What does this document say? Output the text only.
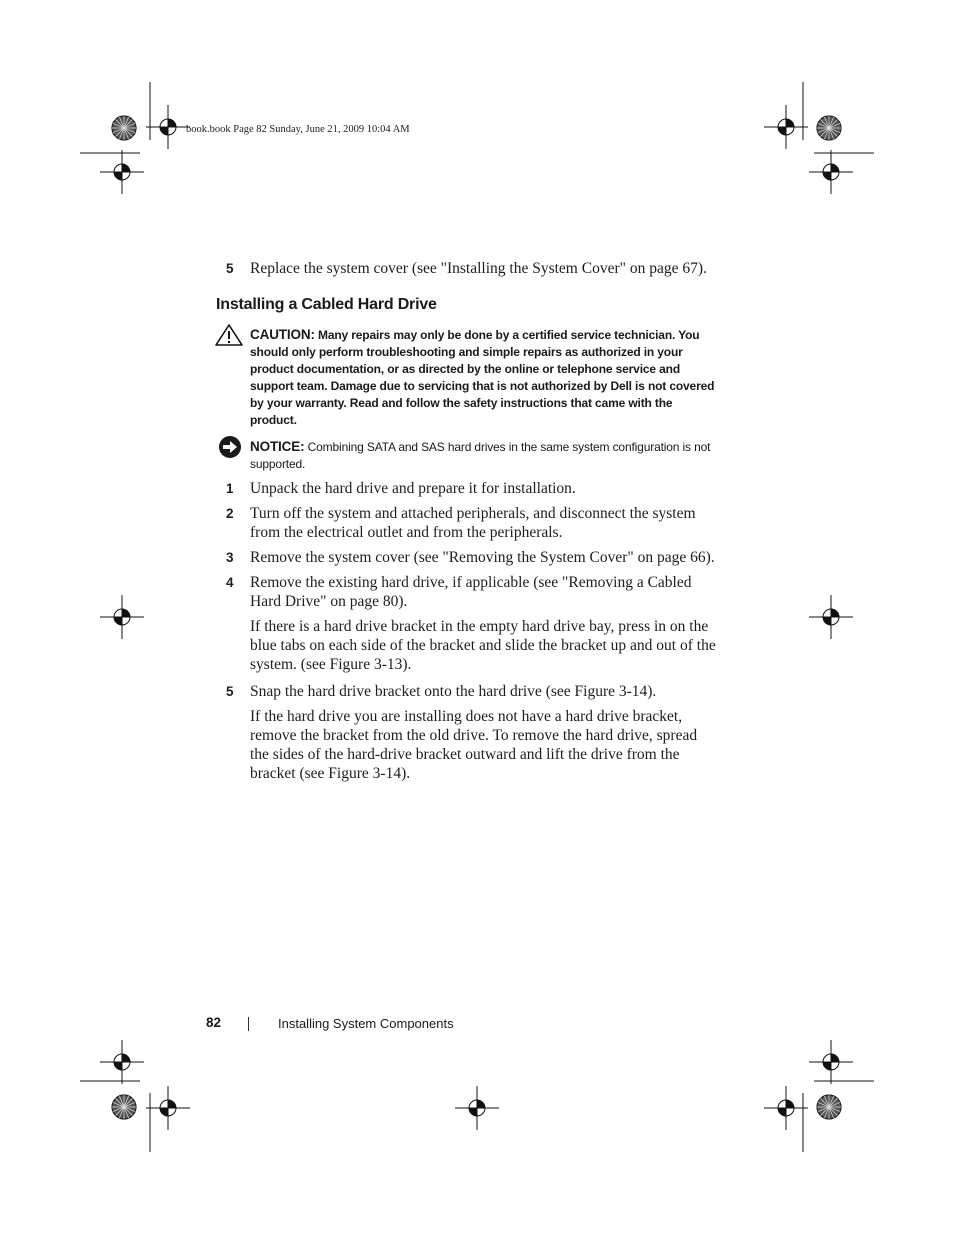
book.book Page 82 Sunday, June 21, 2009 10:04 AM
5	Replace the system cover (see "Installing the System Cover" on page 67).
Installing a Cabled Hard Drive
CAUTION: Many repairs may only be done by a certified service technician. You should only perform troubleshooting and simple repairs as authorized in your product documentation, or as directed by the online or telephone service and support team. Damage due to servicing that is not authorized by Dell is not covered by your warranty. Read and follow the safety instructions that came with the product.
NOTICE: Combining SATA and SAS hard drives in the same system configuration is not supported.
1	Unpack the hard drive and prepare it for installation.
2	Turn off the system and attached peripherals, and disconnect the system from the electrical outlet and from the peripherals.
3	Remove the system cover (see "Removing the System Cover" on page 66).
4	Remove the existing hard drive, if applicable (see "Removing a Cabled Hard Drive" on page 80).
If there is a hard drive bracket in the empty hard drive bay, press in on the blue tabs on each side of the bracket and slide the bracket up and out of the system. (see Figure 3-13).
5	Snap the hard drive bracket onto the hard drive (see Figure 3-14).
If the hard drive you are installing does not have a hard drive bracket, remove the bracket from the old drive. To remove the hard drive, spread the sides of the hard-drive bracket outward and lift the drive from the bracket (see Figure 3-14).
82	Installing System Components
